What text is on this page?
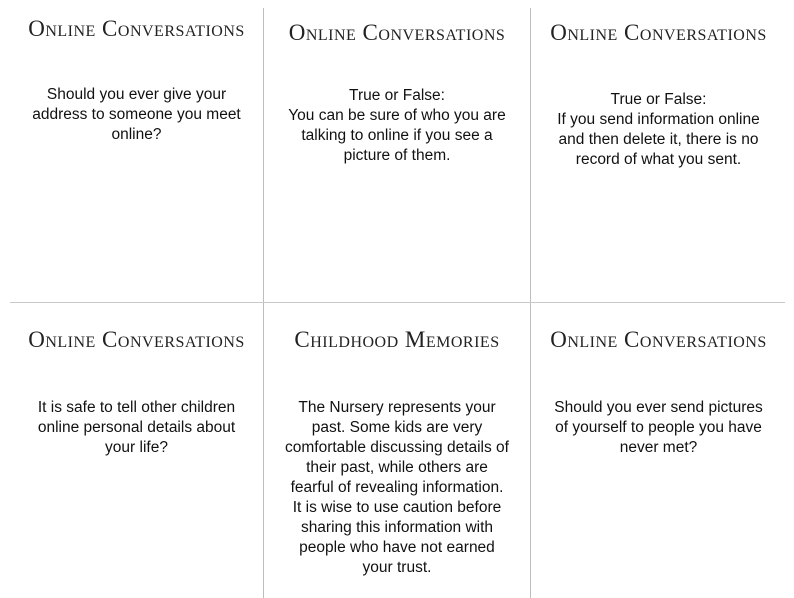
Online Conversations
Should you ever give your
address to someone you meet
online?
Online Conversations
True or False:
You can be sure of who you are
talking to online if you see a
picture of them.
Online Conversations
True or False:
If you send information online
and then delete it, there is no
record of what you sent.
Online Conversations
It is safe to tell other children
online personal details about
your life?
Childhood Memories
The Nursery represents your
past. Some kids are very
comfortable discussing details of
their past, while others are
fearful of revealing information.
It is wise to use caution before
sharing this information with
people who have not earned
your trust.
Online Conversations
Should you ever send pictures
of yourself to people you have
never met?
